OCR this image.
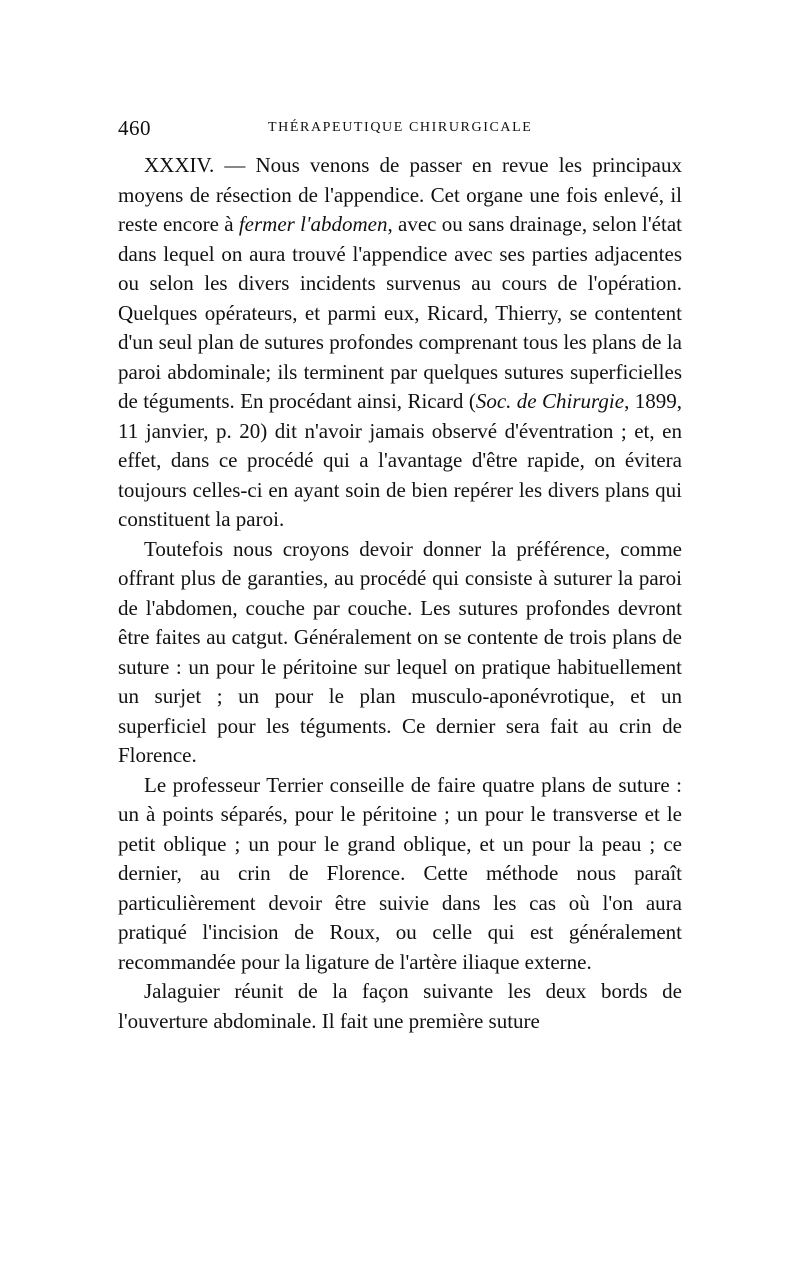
460	THÉRAPEUTIQUE CHIRURGICALE

XXXIV. — Nous venons de passer en revue les principaux moyens de résection de l'appendice. Cet organe une fois enlevé, il reste encore à fermer l'abdomen, avec ou sans drainage, selon l'état dans lequel on aura trouvé l'appendice avec ses parties adjacentes ou selon les divers incidents survenus au cours de l'opération. Quelques opérateurs, et parmi eux, Ricard, Thierry, se contentent d'un seul plan de sutures profondes comprenant tous les plans de la paroi abdominale; ils terminent par quelques sutures superficielles de téguments. En procédant ainsi, Ricard (Soc. de Chirurgie, 1899, 11 janvier, p. 20) dit n'avoir jamais observé d'éventration ; et, en effet, dans ce procédé qui a l'avantage d'être rapide, on évitera toujours celles-ci en ayant soin de bien repérer les divers plans qui constituent la paroi.

Toutefois nous croyons devoir donner la préférence, comme offrant plus de garanties, au procédé qui consiste à suturer la paroi de l'abdomen, couche par couche. Les sutures profondes devront être faites au catgut. Généralement on se contente de trois plans de suture : un pour le péritoine sur lequel on pratique habituellement un surjet ; un pour le plan musculo-aponévrotique, et un superficiel pour les téguments. Ce dernier sera fait au crin de Florence.

Le professeur Terrier conseille de faire quatre plans de suture : un à points séparés, pour le péritoine ; un pour le transverse et le petit oblique ; un pour le grand oblique, et un pour la peau ; ce dernier, au crin de Florence. Cette méthode nous paraît particulièrement devoir être suivie dans les cas où l'on aura pratiqué l'incision de Roux, ou celle qui est généralement recommandée pour la ligature de l'artère iliaque externe.

Jalaguier réunit de la façon suivante les deux bords de l'ouverture abdominale. Il fait une première suture
